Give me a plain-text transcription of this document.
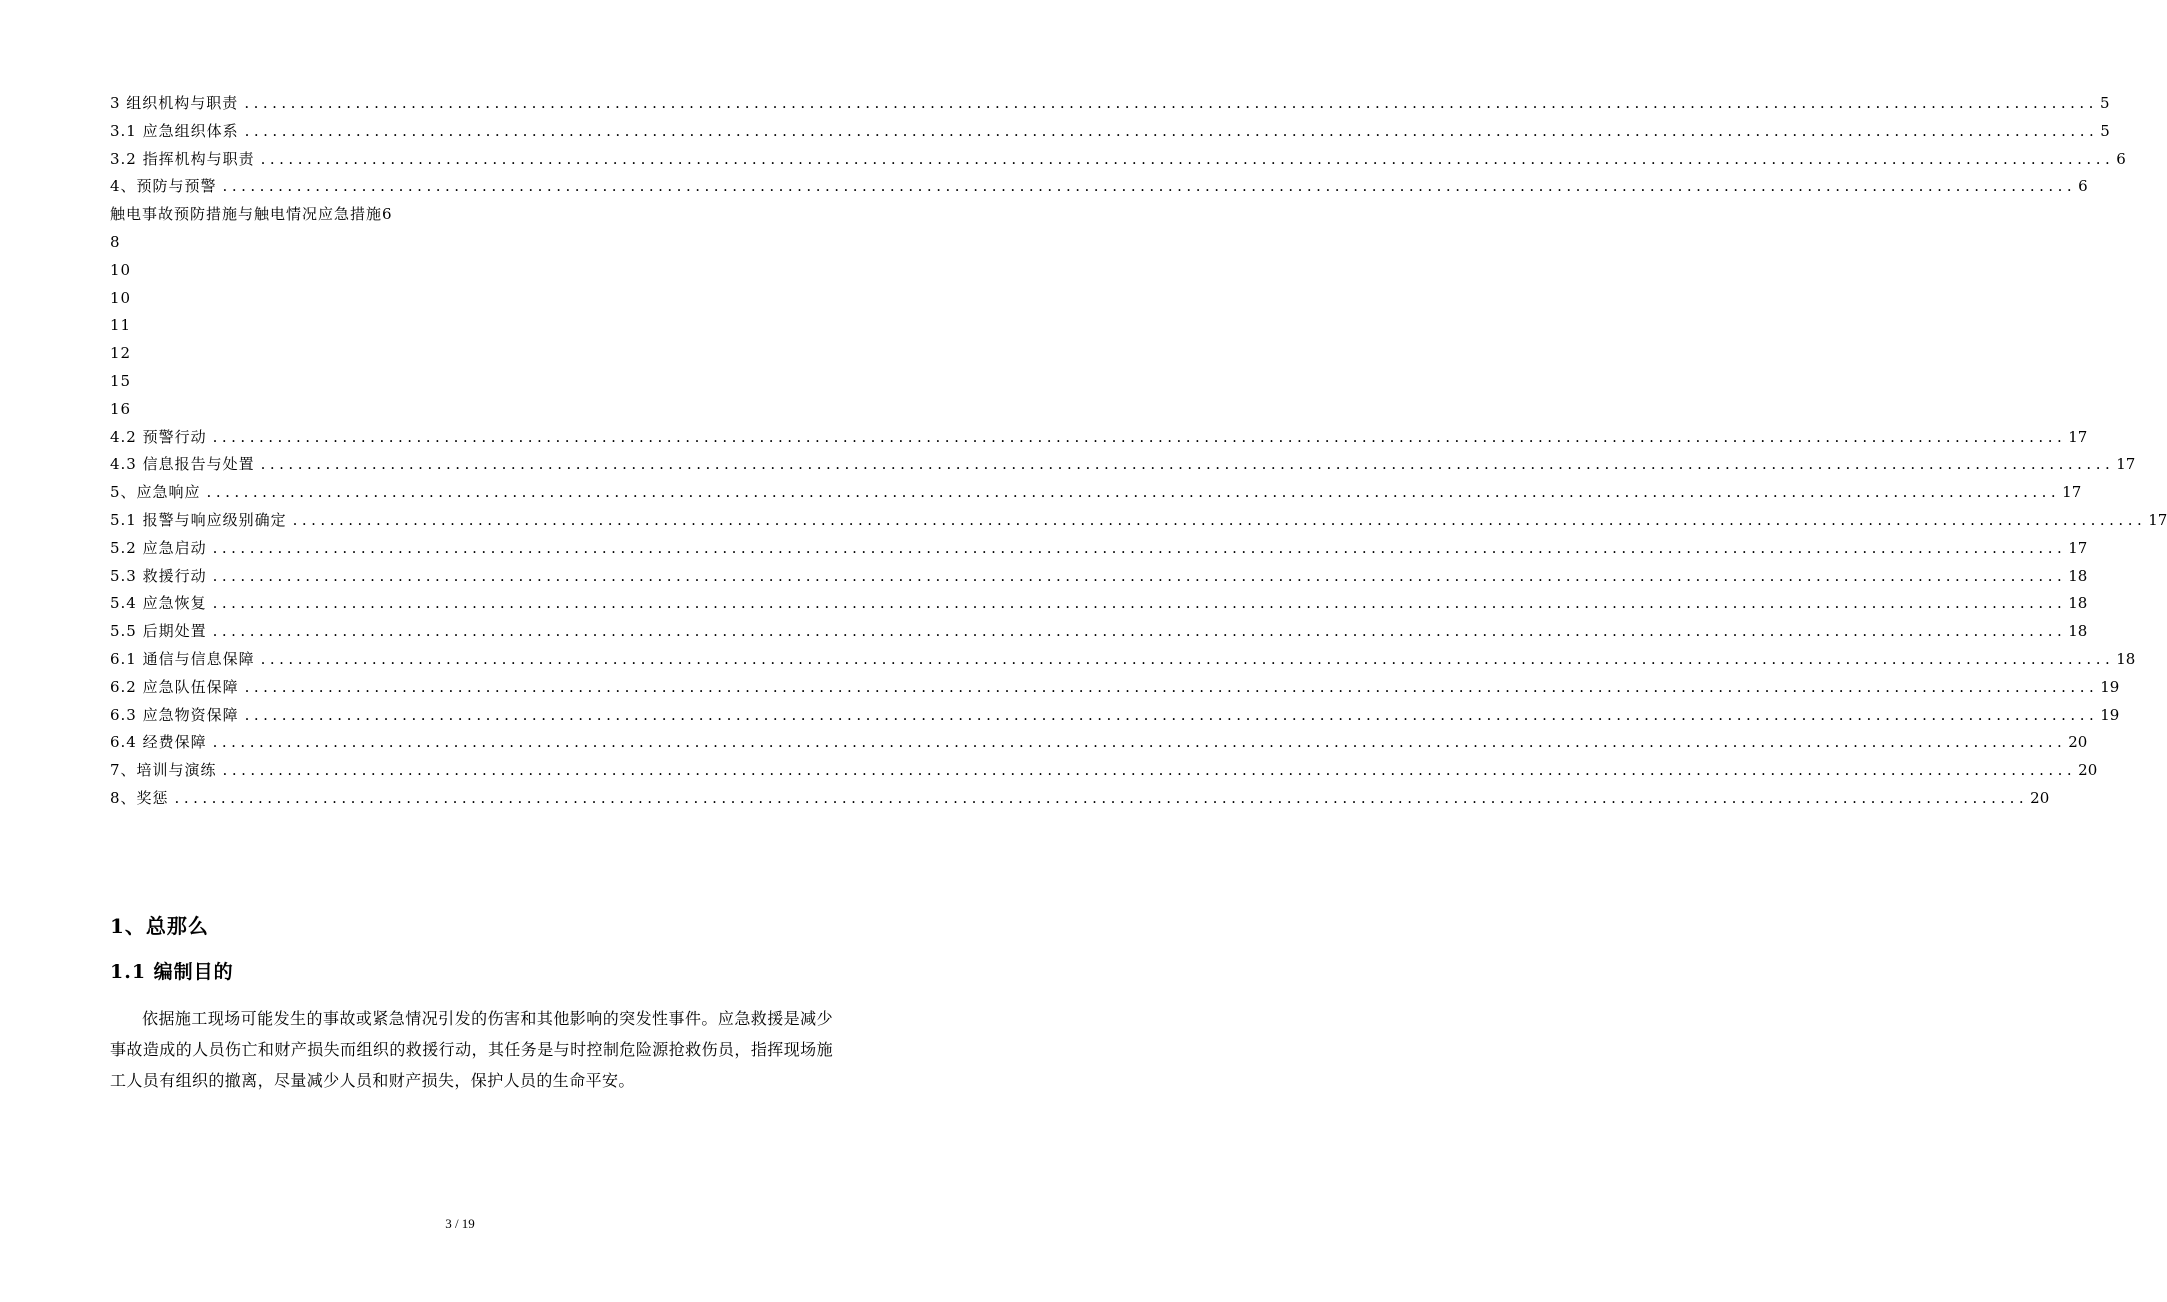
3 组织机构与职责 ........................................................................................................................................................................................................ 5
3.1 应急组织体系 ........................................................................................................................................................................................................ 5
3.2 指挥机构与职责 ........................................................................................................................................................................................................ 6
4、预防与预警 ........................................................................................................................................................................................................ 6
触电事故预防措施与触电情况应急措施6
8
10
10
11
12
15
16
4.2 预警行动 ........................................................................................................................................................................................................ 17
4.3 信息报告与处置 ........................................................................................................................................................................................................ 17
5、应急响应 ........................................................................................................................................................................................................ 17
5.1 报警与响应级别确定 ........................................................................................................................................................................................................ 17
5.2 应急启动 ........................................................................................................................................................................................................ 17
5.3 救援行动 ........................................................................................................................................................................................................ 18
5.4 应急恢复 ........................................................................................................................................................................................................ 18
5.5 后期处置 ........................................................................................................................................................................................................ 18
6.1 通信与信息保障 ........................................................................................................................................................................................................ 18
6.2 应急队伍保障 ........................................................................................................................................................................................................ 19
6.3 应急物资保障 ........................................................................................................................................................................................................ 19
6.4 经费保障 ........................................................................................................................................................................................................ 20
7、培训与演练 ........................................................................................................................................................................................................ 20
8、奖惩 ........................................................................................................................................................................................................ 20
1、总那么
1.1 编制目的

依据施工现场可能发生的事故或紧急情况引发的伤害和其他影响的突发性事件。应急救援是减少事故造成的人员伤亡和财产损失而组织的救援行动，其任务是与时控制危险源抢救伤员，指挥现场施工人员有组织的撤离，尽量减少人员和财产损失，保护人员的生命平安。

3 / 19
